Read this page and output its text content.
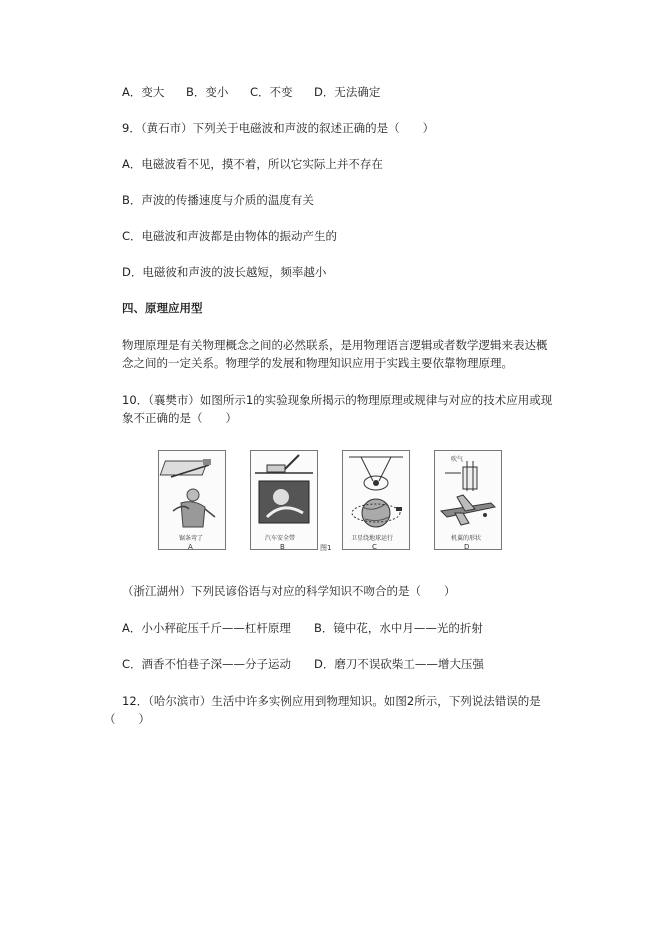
A．变大 B．变小 C．不变 D．无法确定
9．（黄石市）下列关于电磁波和声波的叙述正确的是（　　）
A．电磁波看不见，摸不着，所以它实际上并不存在
B．声波的传播速度与介质的温度有关
C．电磁波和声波都是由物体的振动产生的
D．电磁彼和声波的波长越短，频率越小
四、原理应用型
物理原理是有关物理概念之间的必然联系，是用物理语言逻辑或者数学逻辑来表达概
念之间的一定关系。物理学的发展和物理知识应用于实践主要依靠物理原理。
10．（襄樊市）如图所示1的实验现象所揭示的物理原理或规律与对应的技术应用或现
象不正确的是（　　）
锯条弯了
A
汽车安全带
B	图1
卫星绕地球运行
C
吹气
机翼的形状
D
（浙江湖州）下列民谚俗语与对应的科学知识不吻合的是（　　）
A．小小秤砣压千斤——杠杆原理 B．镜中花，水中月——光的折射
C．酒香不怕巷子深——分子运动 D．磨刀不误砍柴工——增大压强
12．（哈尔滨市）生活中许多实例应用到物理知识。如图2所示，下列说法错误的是
（　　）
